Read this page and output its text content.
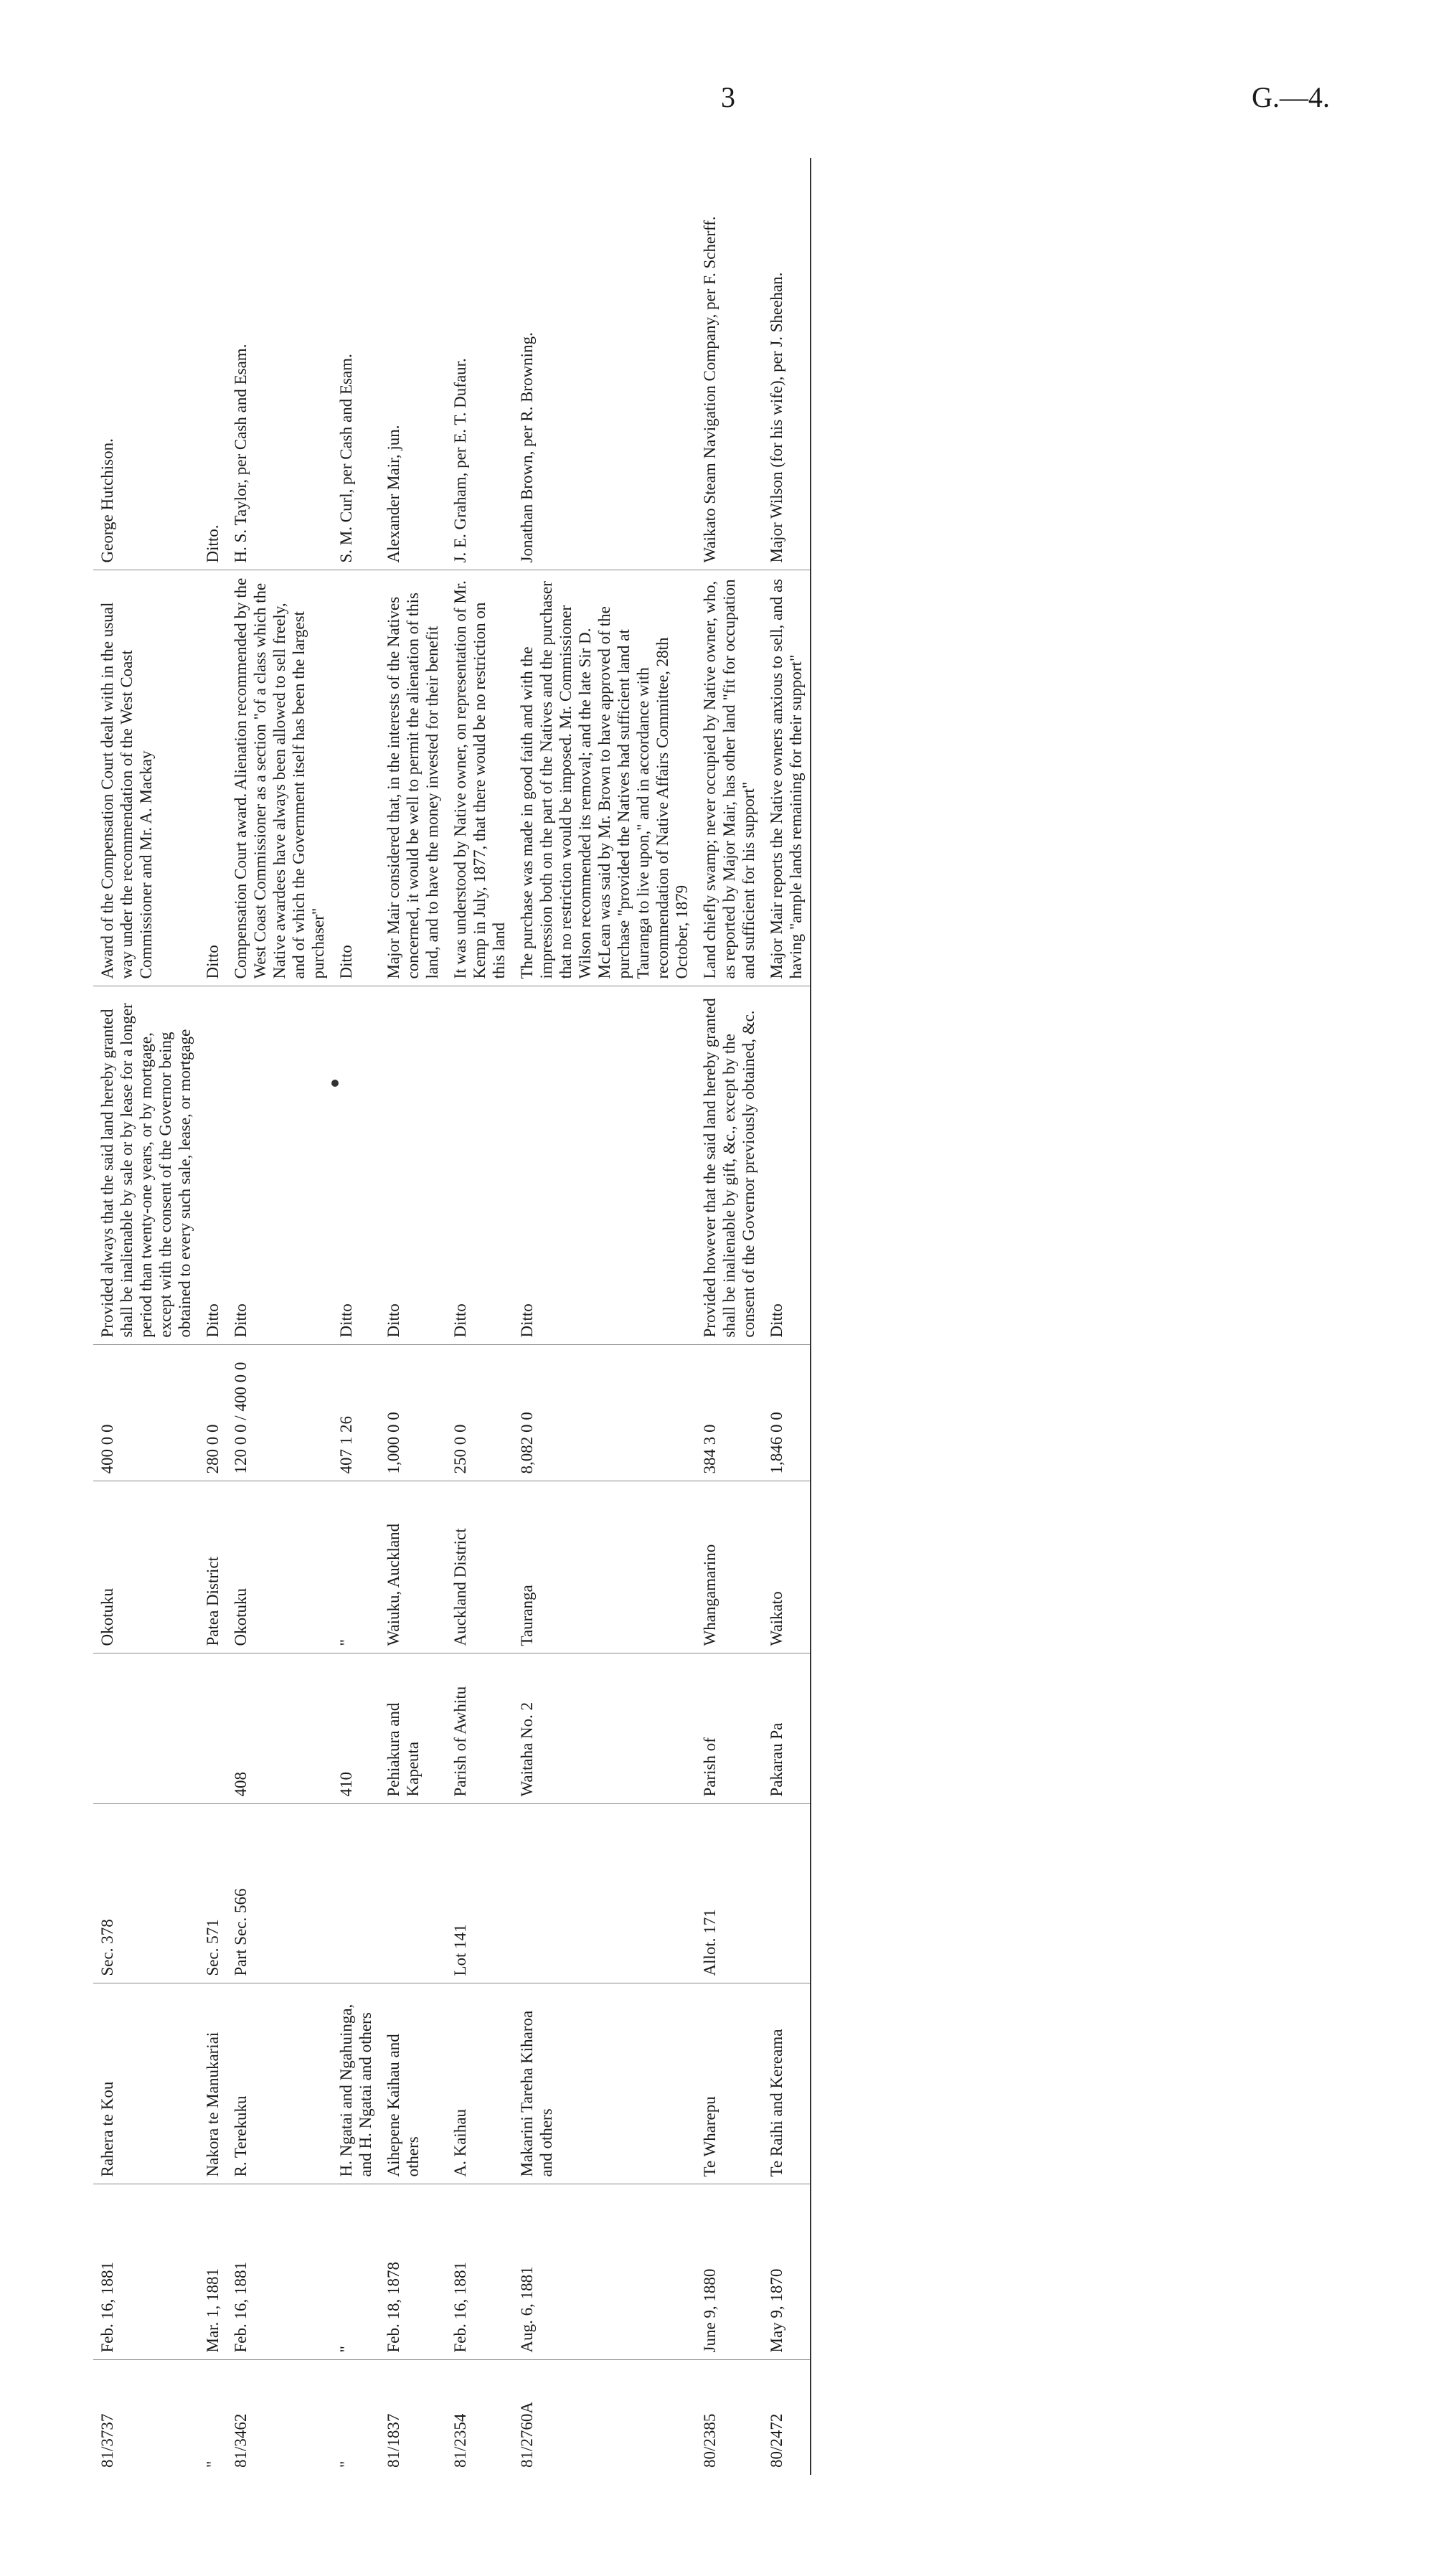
3	G.—4.
81/3737	Feb. 16, 1881	Rahera te Kou	Sec. 378		Okotuku	400 0 0	Provided always that the said land hereby granted shall be inalienable by sale or by lease for a longer period than twenty-one years, or by mortgage, except with the consent of the Governor being obtained to every such sale, lease, or mortgage	Award of the Compensation Court dealt with in the usual way under the recommendation of the West Coast Commissioner and Mr. A. Mackay	George Hutchison.
"	Mar. 1, 1881	Nakora te Manukariai	Sec. 571		Patea District	280 0 0	Ditto	Ditto	Ditto.
81/3462	Feb. 16, 1881	R. Terekuku	Part Sec. 566	408	Okotuku	120 0 0 / 400 0 0	Ditto	Compensation Court award. Alienation recommended by the West Coast Commissioner as a section "of a class which the Native awardees have always been allowed to sell freely, and of which the Government itself has been the largest purchaser"	H. S. Taylor, per Cash and Esam.
"	"	H. Ngatai and Ngahuinga, and H. Ngatai and others		410	"	407 1 26	Ditto	Ditto	S. M. Curl, per Cash and Esam.
81/1837	Feb. 18, 1878	Aihepene Kaihau and others		Pehiakura and Kapeuta	Waiuku, Auckland	1,000 0 0	Ditto	Major Mair considered that, in the interests of the Natives concerned, it would be well to permit the alienation of this land, and to have the money invested for their benefit	Alexander Mair, jun.
81/2354	Feb. 16, 1881	A. Kaihau	Lot 141	Parish of Awhitu	Auckland District	250 0 0	Ditto	It was understood by Native owner, on representation of Mr. Kemp in July, 1877, that there would be no restriction on this land	J. E. Graham, per E. T. Dufaur.
81/2760A	Aug. 6, 1881	Makarini Tareha Kiharoa and others		Waitaha No. 2	Tauranga	8,082 0 0	Ditto	The purchase was made in good faith and with the impression both on the part of the Natives and the purchaser that no restriction would be imposed. Mr. Commissioner Wilson recommended its removal; and the late Sir D. McLean was said by Mr. Brown to have approved of the purchase "provided the Natives had sufficient land at Tauranga to live upon," and in accordance with recommendation of Native Affairs Committee, 28th October, 1879	Jonathan Brown, per R. Browning.
80/2385	June 9, 1880	Te Wharepu	Allot. 171	Parish of	Whangamarino	384 3 0	Provided however that the said land hereby granted shall be inalienable by gift, &c., except by the consent of the Governor previously obtained, &c.	Land chiefly swamp; never occupied by Native owner, who, as reported by Major Mair, has other land "fit for occupation and sufficient for his support"	Waikato Steam Navigation Company, per F. Scherff.
80/2472	May 9, 1870	Te Raihi and Kereama		Pakarau Pa	Waikato	1,846 0 0	Ditto	Major Mair reports the Native owners anxious to sell, and as having "ample lands remaining for their support"	Major Wilson (for his wife), per J. Sheehan.
